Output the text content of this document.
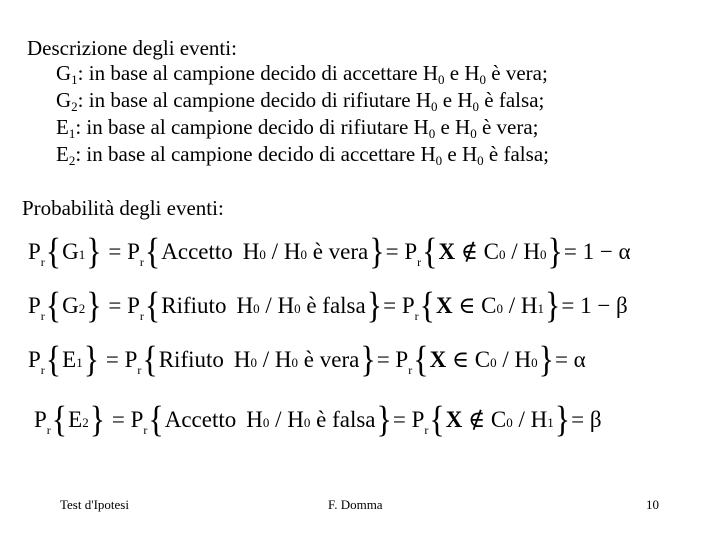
Descrizione degli eventi:
$G_1$: in base al campione decido di accettare $H_0$ e $H_0$ è vera;
$G_2$: in base al campione decido di rifiutare $H_0$ e $H_0$ è falsa;
$E_1$: in base al campione decido di rifiutare $H_0$ e $H_0$ è vera;
$E_2$: in base al campione decido di accettare $H_0$ e $H_0$ è falsa;
Probabilità degli eventi:
$P_r$ { G 1 } = $P_r$ { Accetto H 0
/
H 0
è vera } = $P_r$ { X
∉
C 0
/
H 0 } = 1 − α
$P_r$ { G 2 } = $P_r$ { Rifiuto H 0
/
H 0
è falsa } = $P_r$ { X
∈
C 0
/
H 1 } = 1 − β
$P_r$ { E 1 } = $P_r$ { Rifiuto H 0
/
H 0
è vera } = $P_r$ { X
∈
C 0
/
H 0 } = α
$P_r$ { E 2 } = $P_r$ { Accetto H 0
/
H 0
è falsa } = $P_r$ { X
∉
C 0
/
H 1 } = β
Test d'Ipotesi	F. Domma	10
